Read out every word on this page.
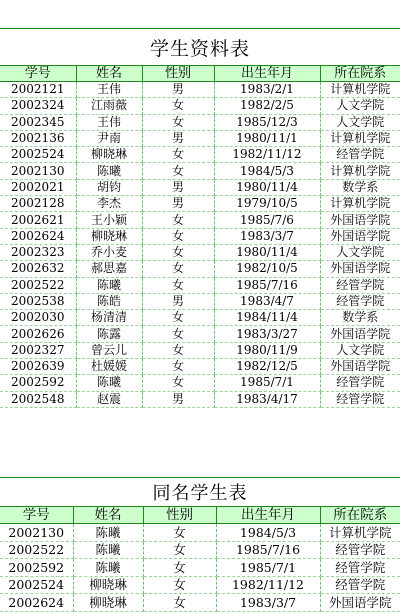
学生资料表
学号	姓名	性别	出生年月	所在院系
2002121	王伟	男	1983/2/1	计算机学院
2002324	江雨薇	女	1982/2/5	人文学院
2002345	王伟	女	1985/12/3	人文学院
2002136	尹南	男	1980/11/1	计算机学院
2002524	柳晓琳	女	1982/11/12	经管学院
2002130	陈曦	女	1984/5/3	计算机学院
2002021	胡钧	男	1980/11/4	数学系
2002128	李杰	男	1979/10/5	计算机学院
2002621	王小颖	女	1985/7/6	外国语学院
2002624	柳晓琳	女	1983/3/7	外国语学院
2002323	乔小麦	女	1980/11/4	人文学院
2002632	郝思嘉	女	1982/10/5	外国语学院
2002522	陈曦	女	1985/7/16	经管学院
2002538	陈皓	男	1983/4/7	经管学院
2002030	杨清清	女	1984/11/4	数学系
2002626	陈露	女	1983/3/27	外国语学院
2002327	曾云儿	女	1980/11/9	人文学院
2002639	杜媛媛	女	1982/12/5	外国语学院
2002592	陈曦	女	1985/7/1	经管学院
2002548	赵震	男	1983/4/17	经管学院
同名学生表
学号	姓名	性别	出生年月	所在院系
2002130	陈曦	女	1984/5/3	计算机学院
2002522	陈曦	女	1985/7/16	经管学院
2002592	陈曦	女	1985/7/1	经管学院
2002524	柳晓琳	女	1982/11/12	经管学院
2002624	柳晓琳	女	1983/3/7	外国语学院
